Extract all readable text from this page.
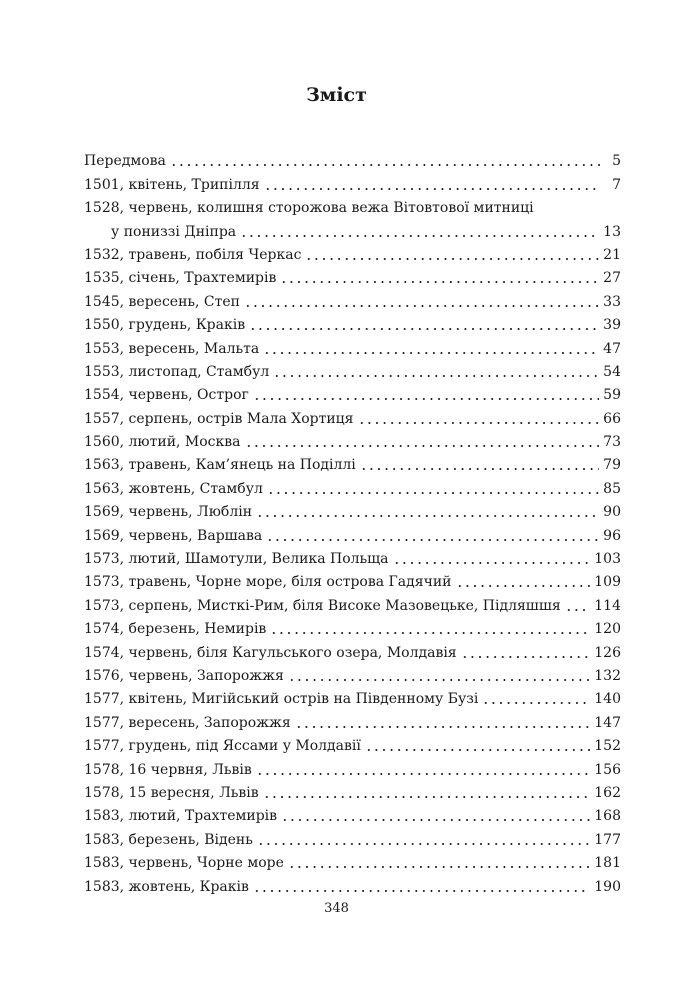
Зміст
Передмова	5
1501, квітень, Трипілля	7
1528, червень, колишня сторожова вежа Вітовтової митниці
у пониззі Дніпра	13
1532, травень, побіля Черкас	21
1535, січень, Трахтемирів	27
1545, вересень, Степ	33
1550, грудень, Краків	39
1553, вересень, Мальта	47
1553, листопад, Стамбул	54
1554, червень, Острог	59
1557, серпень, острів Мала Хортиця	66
1560, лютий, Москва	73
1563, травень, Кам’янець на Поділлі	79
1563, жовтень, Стамбул	85
1569, червень, Люблін	90
1569, червень, Варшава	96
1573, лютий, Шамотули, Велика Польща	103
1573, травень, Чорне море, біля острова Гадячий	109
1573, серпень, Мисткі-Рим, біля Високе Мазовецьке, Підляшшя 114
1574, березень, Немирів	120
1574, червень, біля Кагульського озера, Молдавія	126
1576, червень, Запорожжя	132
1577, квітень, Мигійський острів на Південному Бузі	140
1577, вересень, Запорожжя	147
1577, грудень, під Яссами у Молдавії	152
1578, 16 червня, Львів	156
1578, 15 вересня, Львів	162
1583, лютий, Трахтемирів	168
1583, березень, Відень	177
1583, червень, Чорне море	181
1583, жовтень, Краків	190
348
